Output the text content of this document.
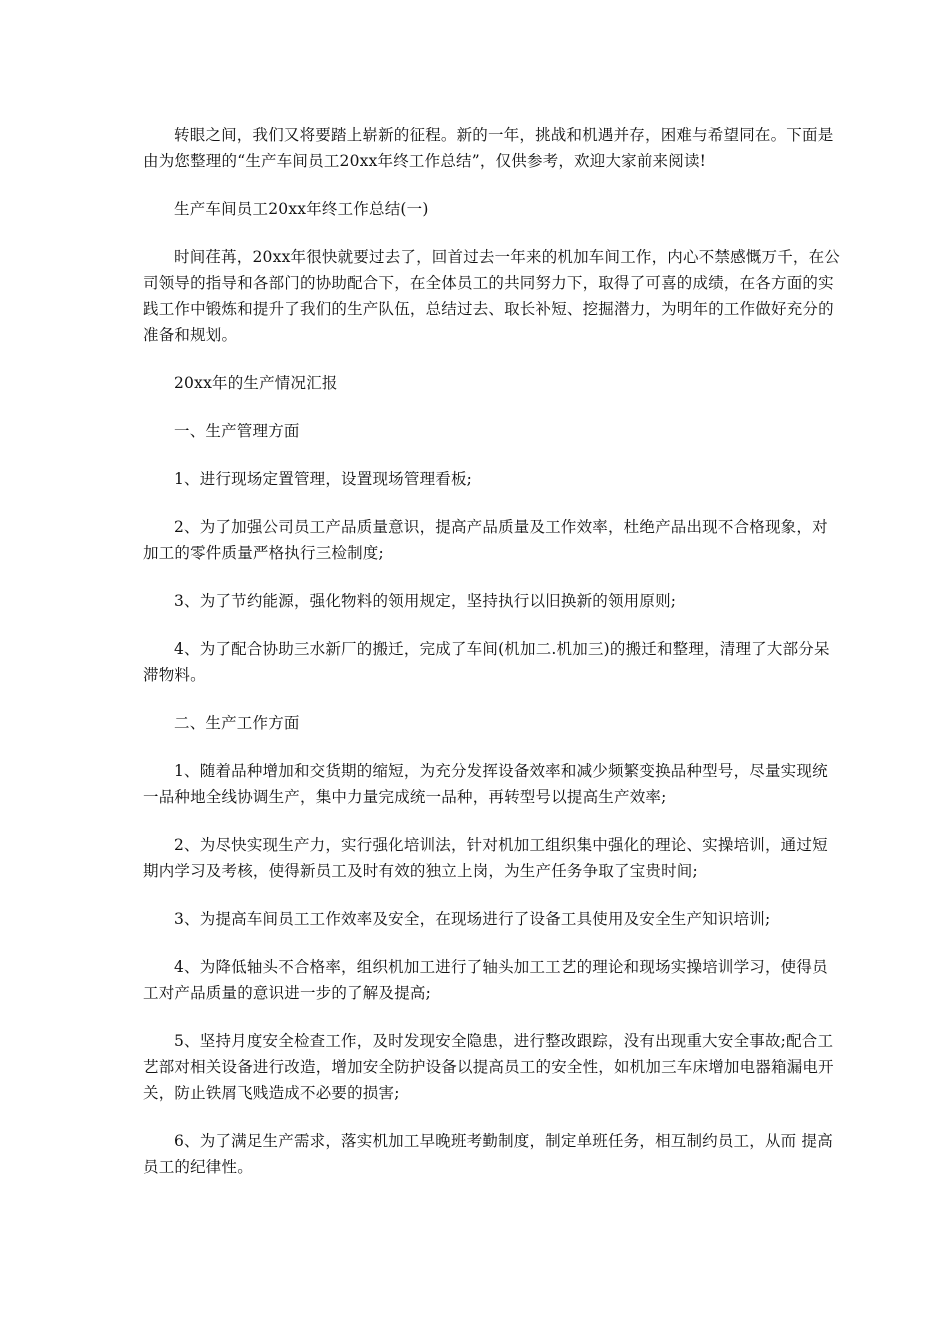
转眼之间，我们又将要踏上崭新的征程。新的一年，挑战和机遇并存，困难与希望同在。下面是由为您整理的“生产车间员工20xx年终工作总结”，仅供参考，欢迎大家前来阅读!

生产车间员工20xx年终工作总结(一)

时间荏苒，20xx年很快就要过去了，回首过去一年来的机加车间工作，内心不禁感慨万千，在公司领导的指导和各部门的协助配合下，在全体员工的共同努力下，取得了可喜的成绩，在各方面的实践工作中锻炼和提升了我们的生产队伍，总结过去、取长补短、挖掘潜力，为明年的工作做好充分的准备和规划。

20xx年的生产情况汇报

一、生产管理方面

1、进行现场定置管理，设置现场管理看板;

2、为了加强公司员工产品质量意识，提高产品质量及工作效率，杜绝产品出现不合格现象，对加工的零件质量严格执行三检制度;

3、为了节约能源，强化物料的领用规定，坚持执行以旧换新的领用原则;

4、为了配合协助三水新厂的搬迁，完成了车间(机加二.机加三)的搬迁和整理，清理了大部分呆滞物料。

二、生产工作方面

1、随着品种增加和交货期的缩短，为充分发挥设备效率和减少频繁变换品种型号，尽量实现统一品种地全线协调生产，集中力量完成统一品种，再转型号以提高生产效率;

2、为尽快实现生产力，实行强化培训法，针对机加工组织集中强化的理论、实操培训，通过短期内学习及考核，使得新员工及时有效的独立上岗，为生产任务争取了宝贵时间;

3、为提高车间员工工作效率及安全，在现场进行了设备工具使用及安全生产知识培训;

4、为降低轴头不合格率，组织机加工进行了轴头加工工艺的理论和现场实操培训学习，使得员工对产品质量的意识进一步的了解及提高;

5、坚持月度安全检查工作，及时发现安全隐患，进行整改跟踪，没有出现重大安全事故;配合工艺部对相关设备进行改造，增加安全防护设备以提高员工的安全性，如机加三车床增加电器箱漏电开关，防止铁屑飞贱造成不必要的损害;

6、为了满足生产需求，落实机加工早晚班考勤制度，制定单班任务，相互制约员工，从而 提高员工的纪律性。
